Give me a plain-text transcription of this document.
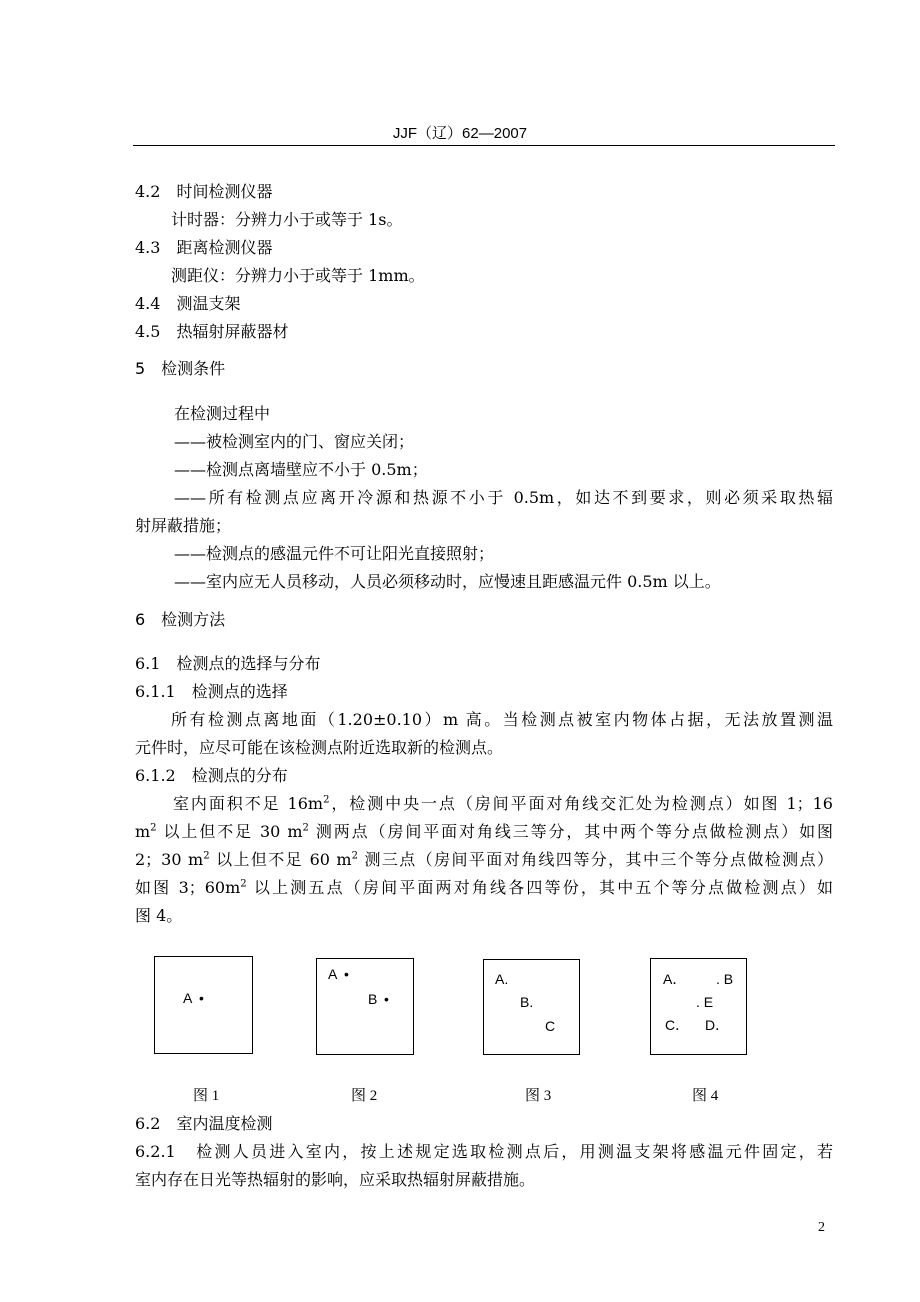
JJF（辽）62—2007
4.2　时间检测仪器
计时器：分辨力小于或等于 1s。
4.3　距离检测仪器
测距仪：分辨力小于或等于 1mm。
4.4　测温支架
4.5　热辐射屏蔽器材
5　检测条件
在检测过程中
——被检测室内的门、窗应关闭；
——检测点离墙壁应不小于 0.5m；
——所有检测点应离开冷源和热源不小于 0.5m，如达不到要求，则必须采取热辐
射屏蔽措施；
——检测点的感温元件不可让阳光直接照射；
——室内应无人员移动，人员必须移动时，应慢速且距感温元件 0.5m 以上。
6　检测方法
6.1　检测点的选择与分布
6.1.1　检测点的选择
所有检测点离地面（1.20±0.10）m 高。当检测点被室内物体占据，无法放置测温
元件时，应尽可能在该检测点附近选取新的检测点。
6.1.2　检测点的分布
室内面积不足 $16m^2$，检测中央一点（房间平面对角线交汇处为检测点）如图 1；16
$m^2$ 以上但不足 30 $m^2$ 测两点（房间平面对角线三等分，其中两个等分点做检测点）如图
2；30 $m^2$ 以上但不足 60 $m^2$ 测三点（房间平面对角线四等分，其中三个等分点做检测点）
如图 3；$60m^2$ 以上测五点（房间平面两对角线各四等份，其中五个等分点做检测点）如
图 4。
A •
A •
B •
A.
B.
C
A． . B
. E
C． D．
图 1	图 2	图 3	图 4
6.2　室内温度检测
6.2.1　检测人员进入室内，按上述规定选取检测点后，用测温支架将感温元件固定，若
室内存在日光等热辐射的影响，应采取热辐射屏蔽措施。
2
